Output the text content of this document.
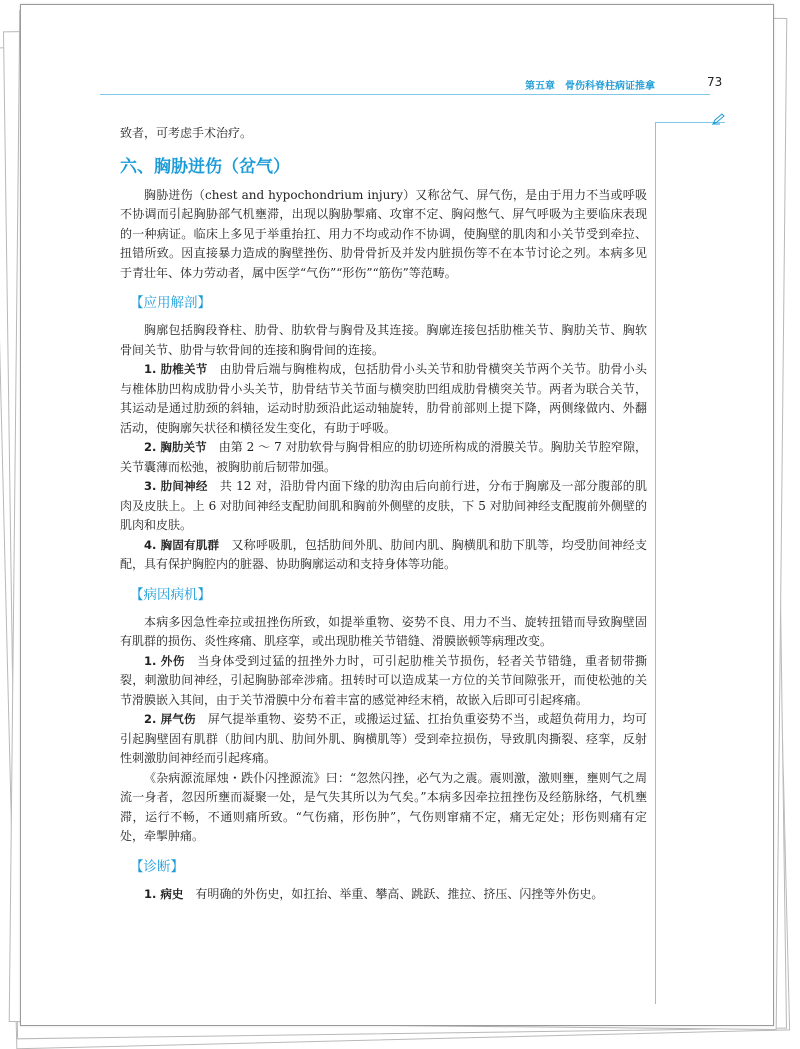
第五章　骨伤科脊柱病证推拿	73

致者，可考虑手术治疗。

六、胸胁迸伤（岔气）

胸胁迸伤（chest and hypochondrium injury）又称岔气、屏气伤，是由于用力不当或呼吸不协调而引起胸胁部气机壅滞，出现以胸胁掣痛、攻窜不定、胸闷憋气、屏气呼吸为主要临床表现的一种病证。临床上多见于举重抬扛、用力不均或动作不协调，使胸壁的肌肉和小关节受到牵拉、扭错所致。因直接暴力造成的胸壁挫伤、肋骨骨折及并发内脏损伤等不在本节讨论之列。本病多见于青壮年、体力劳动者，属中医学“气伤”“形伤”“筋伤”等范畴。

【应用解剖】

胸廓包括胸段脊柱、肋骨、肋软骨与胸骨及其连接。胸廓连接包括肋椎关节、胸肋关节、胸软骨间关节、肋骨与软骨间的连接和胸骨间的连接。

1. 肋椎关节　 由肋骨后端与胸椎构成，包括肋骨小头关节和肋骨横突关节两个关节。肋骨小头与椎体肋凹构成肋骨小头关节，肋骨结节关节面与横突肋凹组成肋骨横突关节。两者为联合关节，其运动是通过肋颈的斜轴，运动时肋颈沿此运动轴旋转，肋骨前部则上提下降，两侧缘做内、外翻活动，使胸廓矢状径和横径发生变化，有助于呼吸。

2. 胸肋关节　 由第 2 ～ 7 对肋软骨与胸骨相应的肋切迹所构成的滑膜关节。胸肋关节腔窄隙，关节囊薄而松弛，被胸肋前后韧带加强。

3. 肋间神经　 共 12 对，沿肋骨内面下缘的肋沟由后向前行进，分布于胸廓及一部分腹部的肌肉及皮肤上。上 6 对肋间神经支配肋间肌和胸前外侧壁的皮肤，下 5 对肋间神经支配腹前外侧壁的肌肉和皮肤。

4. 胸固有肌群　 又称呼吸肌，包括肋间外肌、肋间内肌、胸横肌和肋下肌等，均受肋间神经支配，具有保护胸腔内的脏器、协助胸廓运动和支持身体等功能。

【病因病机】

本病多因急性牵拉或扭挫伤所致，如提举重物、姿势不良、用力不当、旋转扭错而导致胸壁固有肌群的损伤、炎性疼痛、肌痉挛，或出现肋椎关节错缝、滑膜嵌顿等病理改变。

1. 外伤　 当身体受到过猛的扭挫外力时，可引起肋椎关节损伤，轻者关节错缝，重者韧带撕裂，刺激肋间神经，引起胸胁部牵涉痛。扭转时可以造成某一方位的关节间隙张开，而使松弛的关节滑膜嵌入其间，由于关节滑膜中分布着丰富的感觉神经末梢，故嵌入后即可引起疼痛。

2. 屏气伤　 屏气提举重物、姿势不正，或搬运过猛、扛抬负重姿势不当，或超负荷用力，均可引起胸壁固有肌群（肋间内肌、肋间外肌、胸横肌等）受到牵拉损伤，导致肌肉撕裂、痉挛，反射性刺激肋间神经而引起疼痛。

《杂病源流犀烛・跌仆闪挫源流》曰：“忽然闪挫，必气为之震。震则激，激则壅，壅则气之周流一身者，忽因所壅而凝聚一处，是气失其所以为气矣。”本病多因牵拉扭挫伤及经筋脉络，气机壅滞，运行不畅，不通则痛所致。“气伤痛，形伤肿”，气伤则窜痛不定，痛无定处；形伤则痛有定处，牵掣肿痛。

【诊断】

1. 病史　 有明确的外伤史，如扛抬、举重、攀高、跳跃、推拉、挤压、闪挫等外伤史。
